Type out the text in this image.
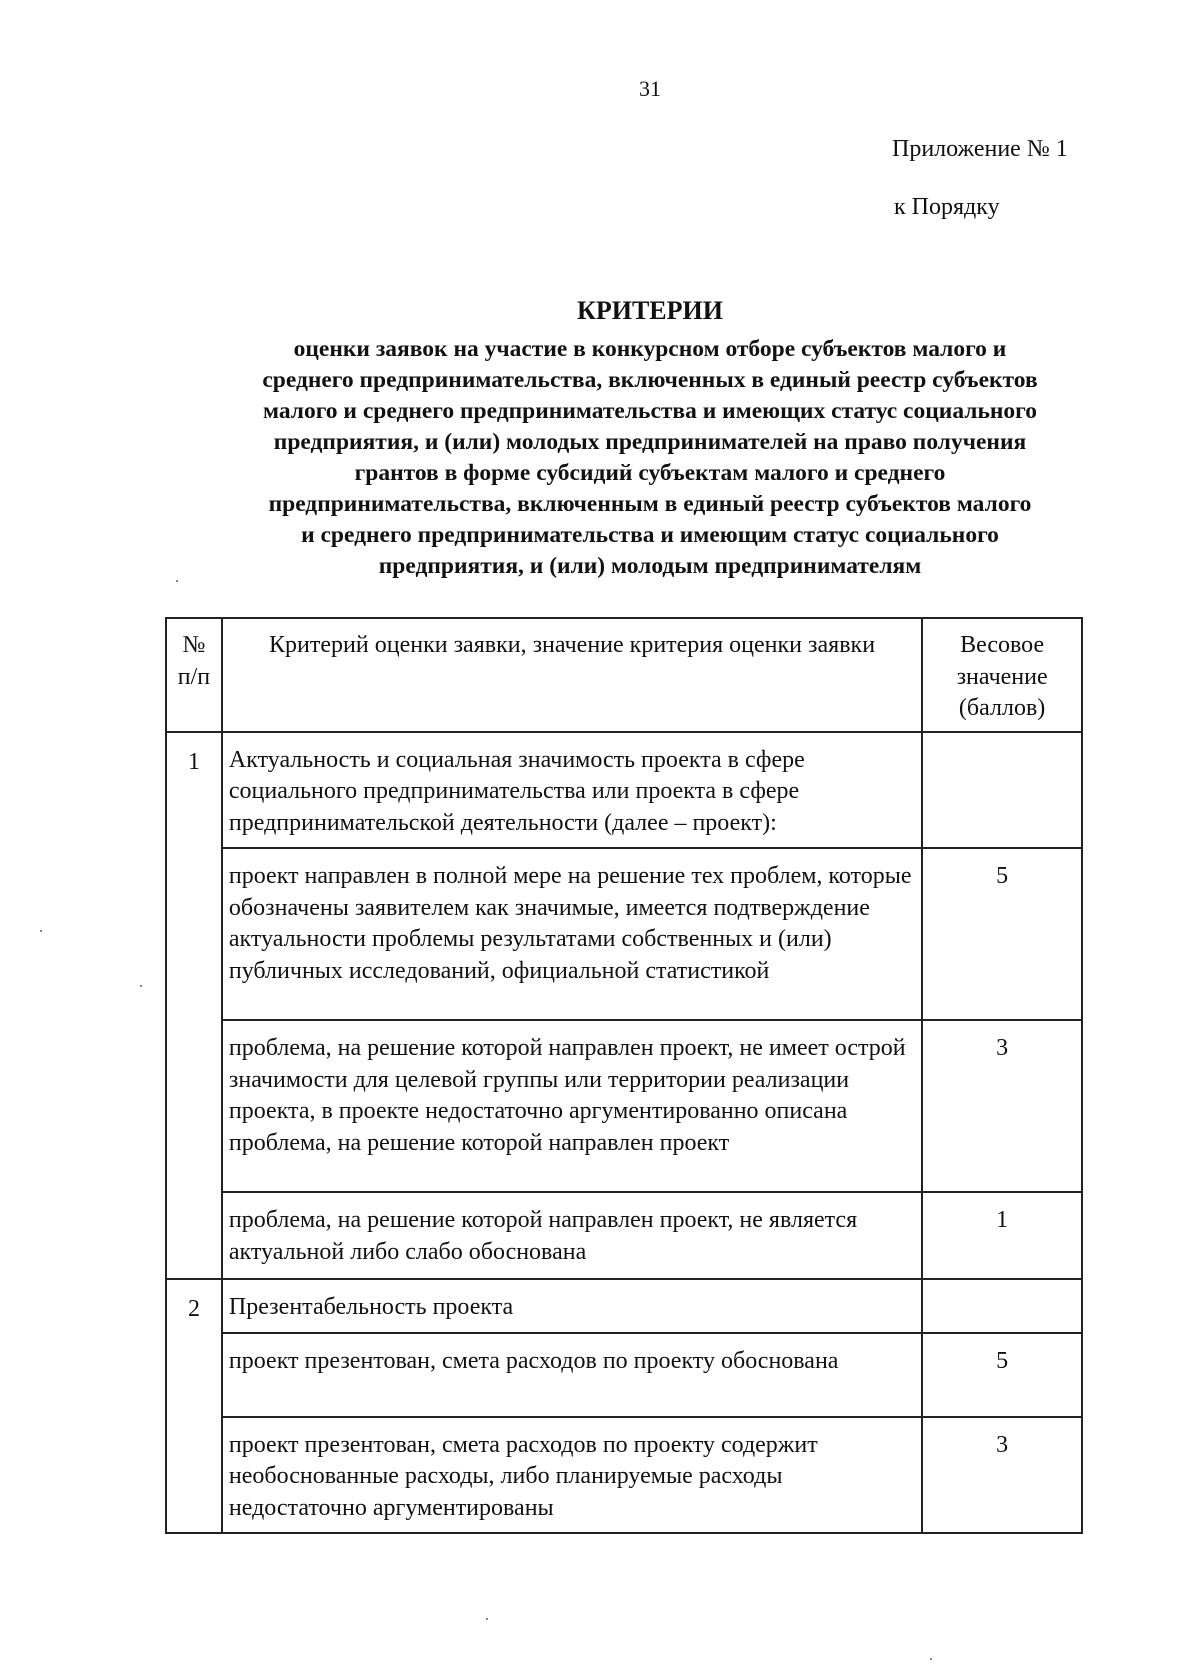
31
Приложение № 1
к Порядку
КРИТЕРИИ
оценки заявок на участие в конкурсном отборе субъектов малого и
среднего предпринимательства, включенных в единый реестр субъектов
малого и среднего предпринимательства и имеющих статус социального
предприятия, и (или) молодых предпринимателей на право получения
грантов в форме субсидий субъектам малого и среднего
предпринимательства, включенным в единый реестр субъектов малого
и среднего предпринимательства и имеющим статус социального
предприятия, и (или) молодым предпринимателям
№ п/п	Критерий оценки заявки, значение критерия оценки заявки	Весовое значение (баллов)
1	Актуальность и социальная значимость проекта в сфере социального предпринимательства или проекта в сфере предпринимательской деятельности (далее – проект):	
	проект направлен в полной мере на решение тех проблем, которые обозначены заявителем как значимые, имеется подтверждение актуальности проблемы результатами собственных и (или) публичных исследований, официальной статистикой	5
	проблема, на решение которой направлен проект, не имеет острой значимости для целевой группы или территории реализации проекта, в проекте недостаточно аргументированно описана проблема, на решение которой направлен проект	3
	проблема, на решение которой направлен проект, не является актуальной либо слабо обоснована	1
2	Презентабельность проекта	
	проект презентован, смета расходов по проекту обоснована	5
	проект презентован, смета расходов по проекту содержит необоснованные расходы, либо планируемые расходы недостаточно аргументированы	3
